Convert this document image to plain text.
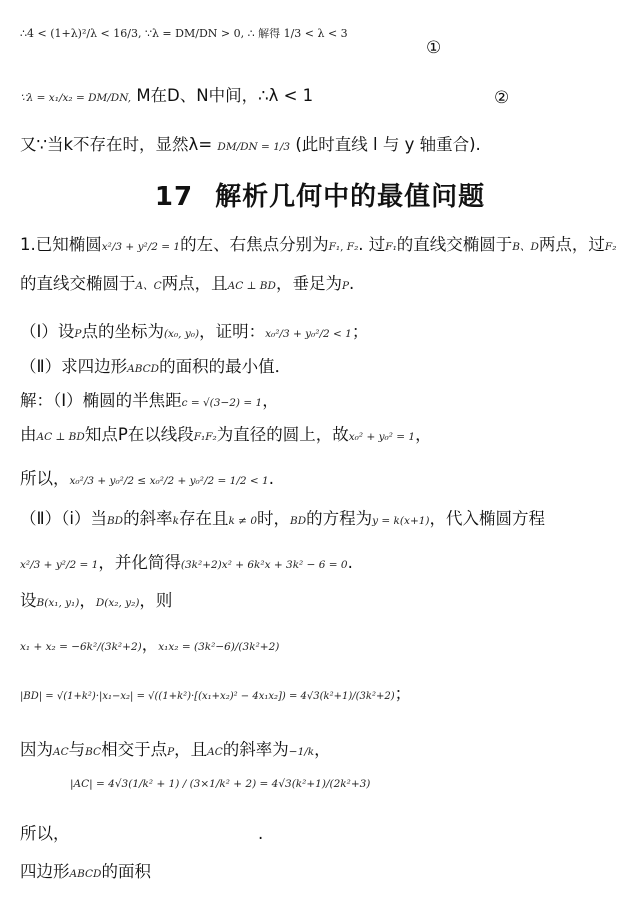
∴4 < (1+λ)²/λ < 16/3, ∵λ = DM/DN > 0, ∴ 解得 1/3 < λ < 3
①
∵λ = x₁/x₂ = DM/DN, M在D、N中间，∴λ < 1	②
又∵当k不存在时，显然λ= DM/DN = 1/3 (此时直线 l 与 y 轴重合).
17 解析几何中的最值问题
1.已知椭圆x²/3 + y²/2 = 1的左、右焦点分别为F₁, F₂. 过F₁的直线交椭圆于B、D两点，过F₂
的直线交椭圆于A、C两点，且AC ⊥ BD，垂足为P.
（Ⅰ）设P点的坐标为(x₀, y₀)，证明：x₀²/3 + y₀²/2 < 1；
（Ⅱ）求四边形ABCD的面积的最小值．
解：（Ⅰ）椭圆的半焦距c = √(3−2) = 1，
由AC ⊥ BD知点P在以线段F₁F₂为直径的圆上，故x₀² + y₀² = 1，
所以，x₀²/3 + y₀²/2 ≤ x₀²/2 + y₀²/2 = 1/2 < 1.
（Ⅱ）（ⅰ）当BD的斜率k存在且k ≠ 0时，BD的方程为y = k(x+1)，代入椭圆方程
x²/3 + y²/2 = 1，并化简得(3k²+2)x² + 6k²x + 3k² − 6 = 0.
设B(x₁, y₁)，D(x₂, y₂)，则
x₁ + x₂ = −6k²/(3k²+2)，x₁x₂ = (3k²−6)/(3k²+2)
|BD| = √(1+k²)·|x₁−x₂| = √((1+k²)·[(x₁+x₂)² − 4x₁x₂]) = 4√3(k²+1)/(3k²+2)；
因为AC与BC相交于点P，且AC的斜率为−1/k，
|AC| = 4√3(1/k² + 1) / (3×1/k² + 2) = 4√3(k²+1)/(2k²+3)
所以，	.
四边形ABCD的面积
